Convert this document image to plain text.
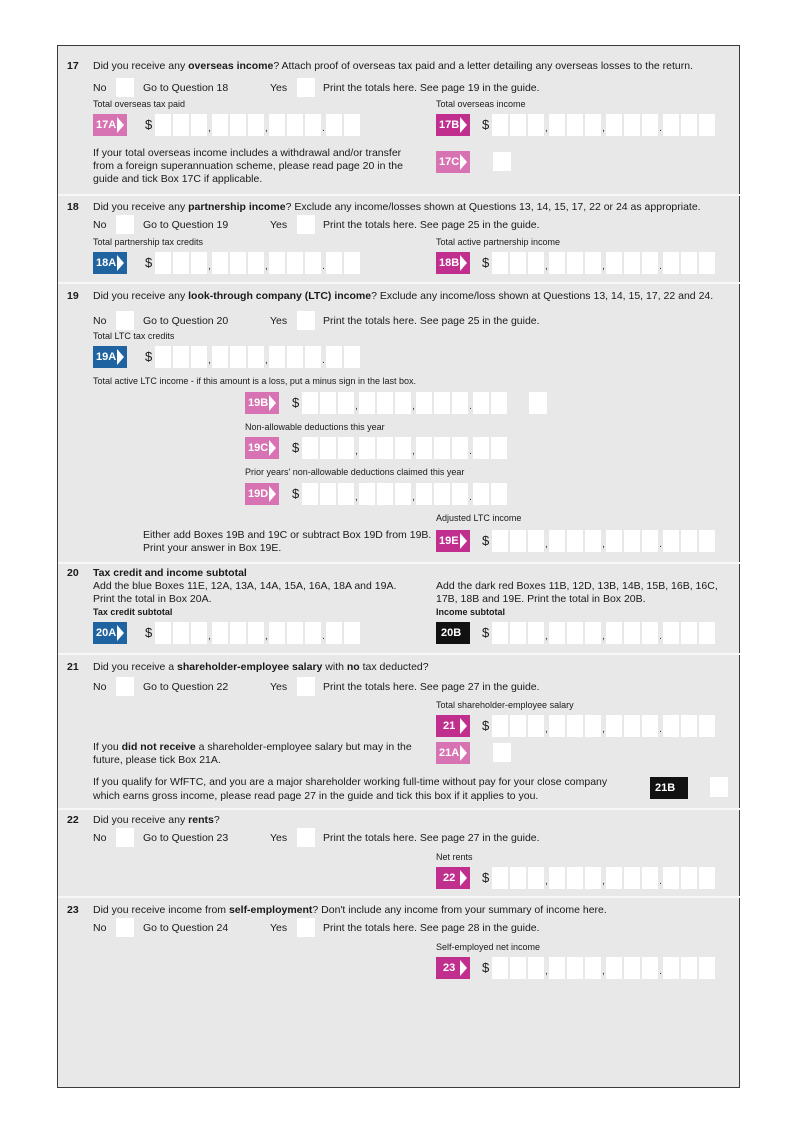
17 Did you receive any overseas income? Attach proof of overseas tax paid and a letter detailing any overseas losses to the return.
No	Go to Question 18	Yes	Print the totals here. See page 19 in the guide.
Total overseas tax paid	Total overseas income
17A	$	,	,	.	17B	$	,	,	.
If your total overseas income includes a withdrawal and/or transfer from a foreign superannuation scheme, please read page 20 in the guide and tick Box 17C if applicable.
17C
18 Did you receive any partnership income? Exclude any income/losses shown at Questions 13, 14, 15, 17, 22 or 24 as appropriate.
No	Go to Question 19	Yes	Print the totals here. See page 25 in the guide.
Total partnership tax credits	Total active partnership income
18A	$	,	,	.	18B	$	,	,	.
19 Did you receive any look-through company (LTC) income? Exclude any income/loss shown at Questions 13, 14, 15, 17, 22 and 24.
No	Go to Question 20	Yes	Print the totals here. See page 25 in the guide.
Total LTC tax credits
19A	$	,	,	.
Total active LTC income - if this amount is a loss, put a minus sign in the last box.
19B	$	,	,	.
Non-allowable deductions this year
19C	$	,	,	.
Prior years' non-allowable deductions claimed this year
19D	$	,	,	.
Adjusted LTC income
Either add Boxes 19B and 19C or subtract Box 19D from 19B.
Print your answer in Box 19E.
19E	$	,	,	.
20 Tax credit and income subtotal
Add the blue Boxes 11E, 12A, 13A, 14A, 15A, 16A, 18A and 19A.
Print the total in Box 20A.
Tax credit subtotal
Add the dark red Boxes 11B, 12D, 13B, 14B, 15B, 16B, 16C,
17B, 18B and 19E. Print the total in Box 20B.
Income subtotal
20A	$	,	,	.	20B	$	,	,	.
21 Did you receive a shareholder-employee salary with no tax deducted?
No	Go to Question 22	Yes	Print the totals here. See page 27 in the guide.
Total shareholder-employee salary
21	$	,	,	.
If you did not receive a shareholder-employee salary but may in the future, please tick Box 21A.
21A
If you qualify for WfFTC, and you are a major shareholder working full-time without pay for your close company
which earns gross income, please read page 27 in the guide and tick this box if it applies to you.
21B
22 Did you receive any rents?
No	Go to Question 23	Yes	Print the totals here. See page 27 in the guide.
Net rents
22	$	,	,	.
23 Did you receive income from self-employment? Don't include any income from your summary of income here.
No	Go to Question 24	Yes	Print the totals here. See page 28 in the guide.
Self-employed net income
23	$	,	,	.
